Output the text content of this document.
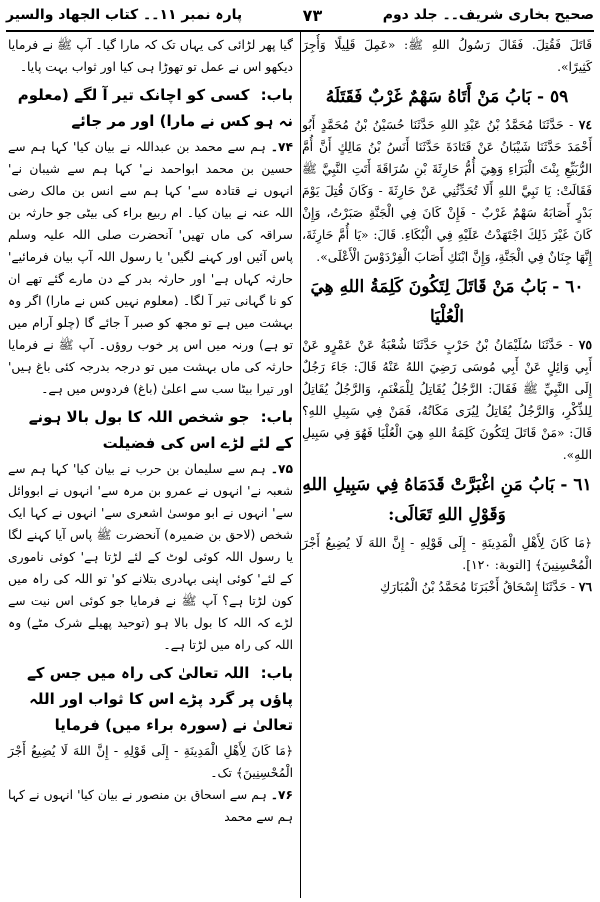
پارہ نمبر ۱۱۔۔ کتاب الجھاد والسیر	۷۳	صحیح بخاری شریف۔۔ جلد دوم
قَاتَلَ فَقُتِلَ. فَقَالَ رَسُولُ اللهِ ﷺ: «عَمِلَ قَلِيلًا وَأُجِرَ كَثِيرًا».
٥٩ - بَابُ مَنْ أَتَاهُ سَهْمٌ غَرْبٌ فَقَتَلَهُ
٧٤ - حَدَّثَنَا مُحَمَّدُ بْنُ عَبْدِ اللهِ حَدَّثَنَا حُسَيْنُ بْنُ مُحَمَّدٍ أَبُو أَحْمَدَ حَدَّثَنَا شَيْبَانُ عَنْ قَتَادَةَ حَدَّثَنَا أَنَسُ بْنُ مَالِكٍ أَنَّ أُمَّ الرُّبَيِّعِ بِنْتَ الْبَرَاءِ وَهِيَ أُمُّ حَارِثَةَ بْنِ سُرَاقَةَ أَتَتِ النَّبِيَّ ﷺ فَقَالَتْ: يَا نَبِيَّ اللهِ أَلَا تُحَدِّثُنِي عَنْ حَارِثَةَ - وَكَانَ قُتِلَ يَوْمَ بَدْرٍ أَصَابَهُ سَهْمٌ غَرْبٌ - فَإِنْ كَانَ فِي الْجَنَّةِ صَبَرْتُ، وَإِنْ كَانَ غَيْرَ ذَلِكَ اجْتَهَدْتُ عَلَيْهِ فِي الْبُكَاءِ. قَالَ: «يَا أُمَّ حَارِثَةَ، إِنَّهَا جِنَانٌ فِي الْجَنَّةِ، وَإِنَّ ابْنَكِ أَصَابَ الْفِرْدَوْسَ الْأَعْلَى».
٦٠ - بَابُ مَنْ قَاتَلَ لِتَكُونَ كَلِمَةُ اللهِ هِيَ الْعُلْيَا
٧٥ - حَدَّثَنَا سُلَيْمَانُ بْنُ حَرْبٍ حَدَّثَنَا شُعْبَةُ عَنْ عَمْرٍو عَنْ أَبِي وَائِلٍ عَنْ أَبِي مُوسَى رَضِيَ اللهُ عَنْهُ قَالَ: جَاءَ رَجُلٌ إِلَى النَّبِيِّ ﷺ فَقَالَ: الرَّجُلُ يُقَاتِلُ لِلْمَغْنَمِ، وَالرَّجُلُ يُقَاتِلُ لِلذِّكْرِ، وَالرَّجُلُ يُقَاتِلُ لِيُرَى مَكَانُهُ، فَمَنْ فِي سَبِيلِ اللهِ؟ قَالَ: «مَنْ قَاتَلَ لِتَكُونَ كَلِمَةُ اللهِ هِيَ الْعُلْيَا فَهُوَ فِي سَبِيلِ اللهِ».
٦١ - بَابُ مَنِ اغْبَرَّتْ قَدَمَاهُ فِي سَبِيلِ اللهِ وَقَوْلِ اللهِ تَعَالَى:
﴿مَا كَانَ لِأَهْلِ الْمَدِينَةِ - إِلَى قَوْلِهِ - إِنَّ اللهَ لَا يُضِيعُ أَجْرَ الْمُحْسِنِينَ﴾ [التوبة: ١٢٠].
٧٦ - حَدَّثَنَا إِسْحَاقُ أَخْبَرَنَا مُحَمَّدُ بْنُ الْمُبَارَكِ
گیا پھر لڑائی کی یہاں تک کہ مارا گیا۔ آپ ﷺ نے فرمایا دیکھو اس نے عمل تو تھوڑا ہی کیا اور ثواب بہت پایا۔
باب: کسی کو اچانک تیر آ لگے (معلوم نہ ہو کس نے مارا) اور مر جائے
۷۴۔ ہم سے محمد بن عبداللہ نے بیان کیا' کہا ہم سے حسین بن محمد ابواحمد نے' کہا ہم سے شیبان نے' انہوں نے قتادہ سے' کہا ہم سے انس بن مالک رضی اللہ عنہ نے بیان کیا۔ ام ربیع براء کی بیٹی جو حارثہ بن سراقہ کی ماں تھیں' آنحضرت صلی اللہ علیہ وسلم پاس آئیں اور کہنے لگیں' یا رسول اللہ آپ بیان فرمائیے' حارثہ کہاں ہے' اور حارثہ بدر کے دن مارے گئے تھے ان کو نا گہانی تیر آ لگا۔ (معلوم نہیں کس نے مارا) اگر وہ بہشت میں ہے تو مجھ کو صبر آ جائے گا (چلو آرام میں تو ہے) ورنہ میں اس پر خوب روؤں۔ آپ ﷺ نے فرمایا حارثہ کی ماں بہشت میں تو درجہ بدرجہ کئی باغ ہیں' اور تیرا بیٹا سب سے اعلیٰ (باغ) فردوس میں ہے۔
باب: جو شخص اللہ کا بول بالا ہونے کے لئے لڑے اس کی فضیلت
۷۵۔ ہم سے سلیمان بن حرب نے بیان کیا' کہا ہم سے شعبہ نے' انہوں نے عمرو بن مرہ سے' انہوں نے ابووائل سے' انہوں نے ابو موسیٰ اشعری سے' انہوں نے کہا ایک شخص (لاحق بن ضمیرہ) آنحضرت ﷺ پاس آیا کہنے لگا یا رسول اللہ کوئی لوٹ کے لئے لڑتا ہے' کوئی ناموری کے لئے' کوئی اپنی بہادری بتلانے کو' تو اللہ کی راہ میں کون لڑتا ہے؟ آپ ﷺ نے فرمایا جو کوئی اس نیت سے لڑے کہ اللہ کا بول بالا ہو (توحید پھیلے شرک مٹے) وہ اللہ کی راہ میں لڑتا ہے۔
باب: اللہ تعالیٰ کی راہ میں جس کے پاؤں پر گرد پڑے اس کا ثواب اور اللہ تعالیٰ نے (سورہ براء میں) فرمایا
﴿مَا كَانَ لِأَهْلِ الْمَدِينَةِ - إِلَى قَوْلِهِ - إِنَّ اللهَ لَا يُضِيعُ أَجْرَ الْمُحْسِنِينَ﴾ تک۔
۷۶۔ ہم سے اسحاق بن منصور نے بیان کیا' انہوں نے کہا ہم سے محمد
